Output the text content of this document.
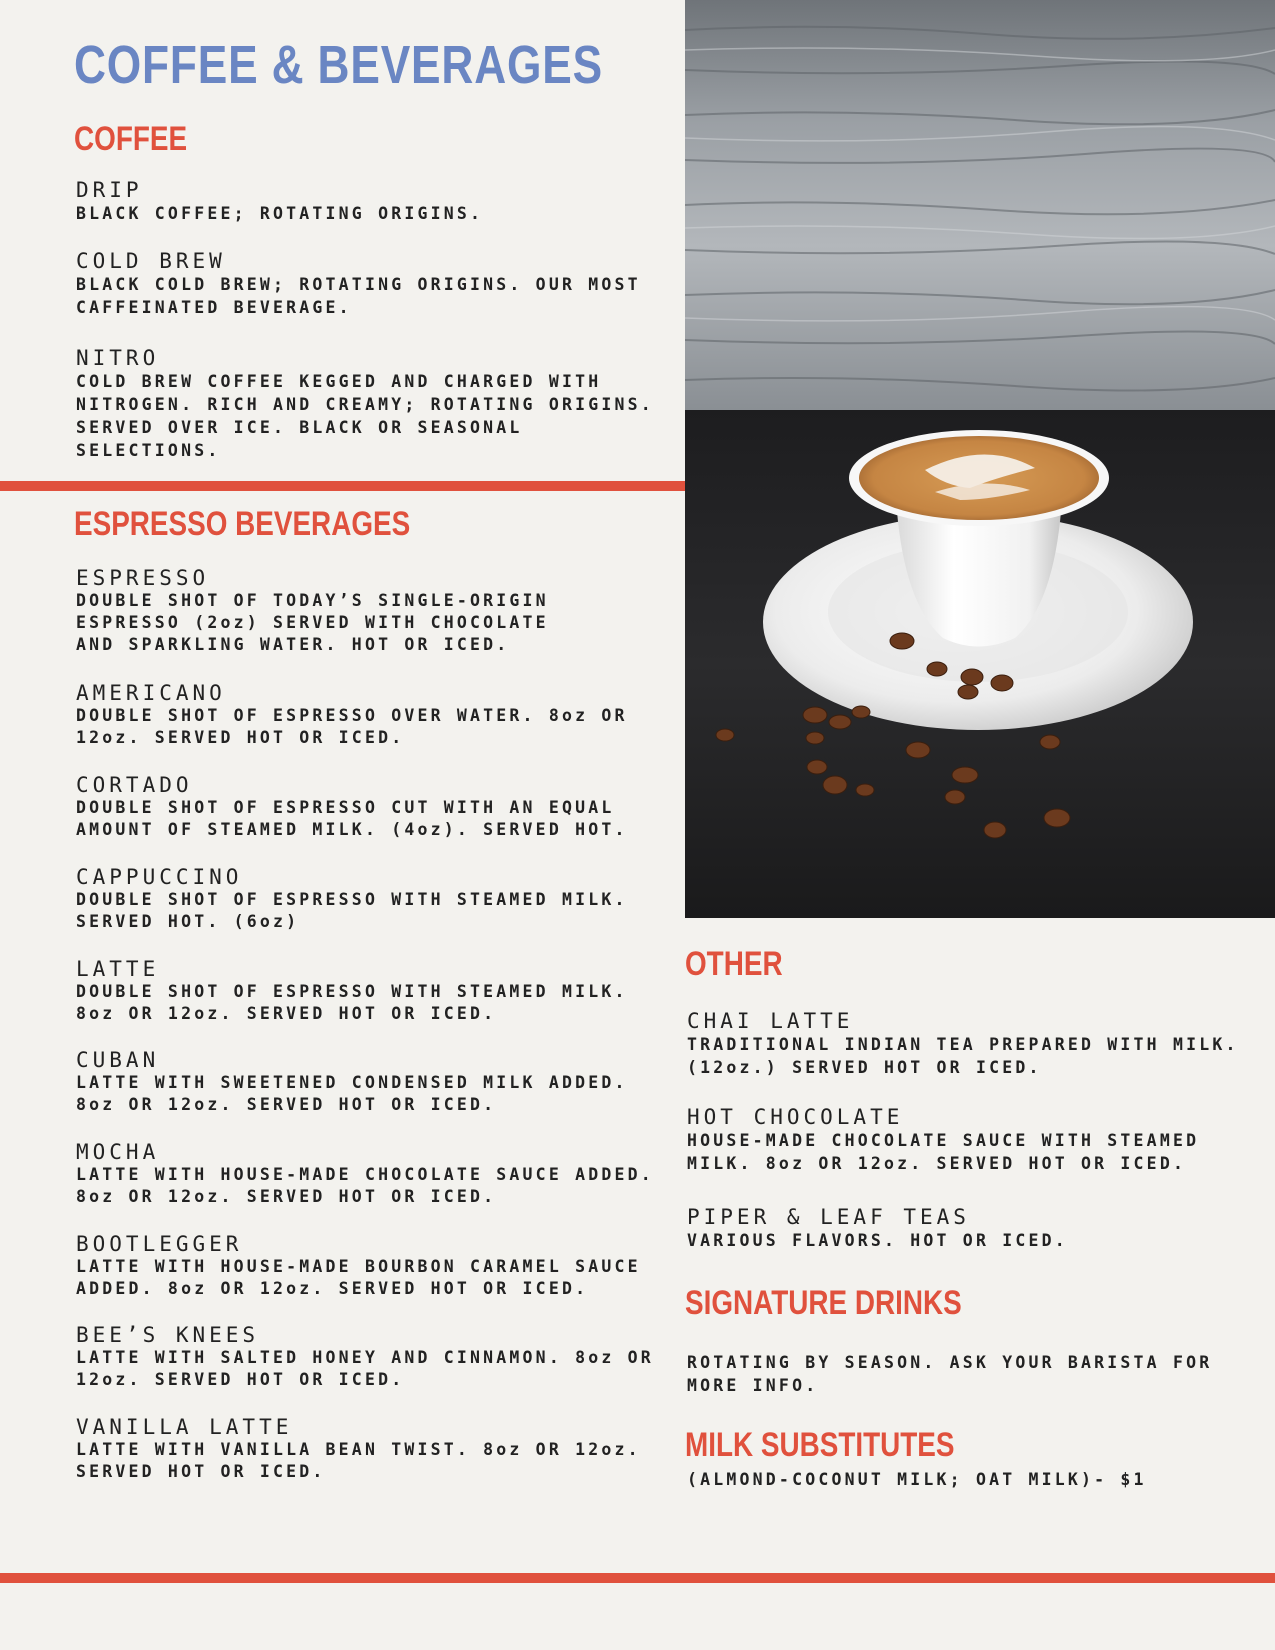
COFFEE & BEVERAGES
COFFEE
DRIP
BLACK COFFEE; ROTATING ORIGINS.
COLD BREW
BLACK COLD BREW; ROTATING ORIGINS. OUR MOST
CAFFEINATED BEVERAGE.
NITRO
COLD BREW COFFEE KEGGED AND CHARGED WITH
NITROGEN. RICH AND CREAMY; ROTATING ORIGINS.
SERVED OVER ICE. BLACK OR SEASONAL
SELECTIONS.
ESPRESSO BEVERAGES
ESPRESSO
DOUBLE SHOT OF TODAY’S SINGLE-ORIGIN
ESPRESSO (2oz) SERVED WITH CHOCOLATE
AND SPARKLING WATER. HOT OR ICED.
AMERICANO
DOUBLE SHOT OF ESPRESSO OVER WATER. 8oz OR
12oz. SERVED HOT OR ICED.
CORTADO
DOUBLE SHOT OF ESPRESSO CUT WITH AN EQUAL
AMOUNT OF STEAMED MILK. (4oz). SERVED HOT.
CAPPUCCINO
DOUBLE SHOT OF ESPRESSO WITH STEAMED MILK.
SERVED HOT. (6oz)
LATTE
DOUBLE SHOT OF ESPRESSO WITH STEAMED MILK.
8oz OR 12oz. SERVED HOT OR ICED.
CUBAN
LATTE WITH SWEETENED CONDENSED MILK ADDED.
8oz OR 12oz. SERVED HOT OR ICED.
MOCHA
LATTE WITH HOUSE-MADE CHOCOLATE SAUCE ADDED.
8oz OR 12oz. SERVED HOT OR ICED.
BOOTLEGGER
LATTE WITH HOUSE-MADE BOURBON CARAMEL SAUCE
ADDED. 8oz OR 12oz. SERVED HOT OR ICED.
BEE’S KNEES
LATTE WITH SALTED HONEY AND CINNAMON. 8oz OR
12oz. SERVED HOT OR ICED.
VANILLA LATTE
LATTE WITH VANILLA BEAN TWIST. 8oz OR 12oz.
SERVED HOT OR ICED.
OTHER
CHAI LATTE
TRADITIONAL INDIAN TEA PREPARED WITH MILK.
(12oz.) SERVED HOT OR ICED.
HOT CHOCOLATE
HOUSE-MADE CHOCOLATE SAUCE WITH STEAMED
MILK. 8oz OR 12oz. SERVED HOT OR ICED.
PIPER & LEAF TEAS
VARIOUS FLAVORS. HOT OR ICED.
SIGNATURE DRINKS
ROTATING BY SEASON. ASK YOUR BARISTA FOR
MORE INFO.
MILK SUBSTITUTES
(ALMOND-COCONUT MILK; OAT MILK)- $1
